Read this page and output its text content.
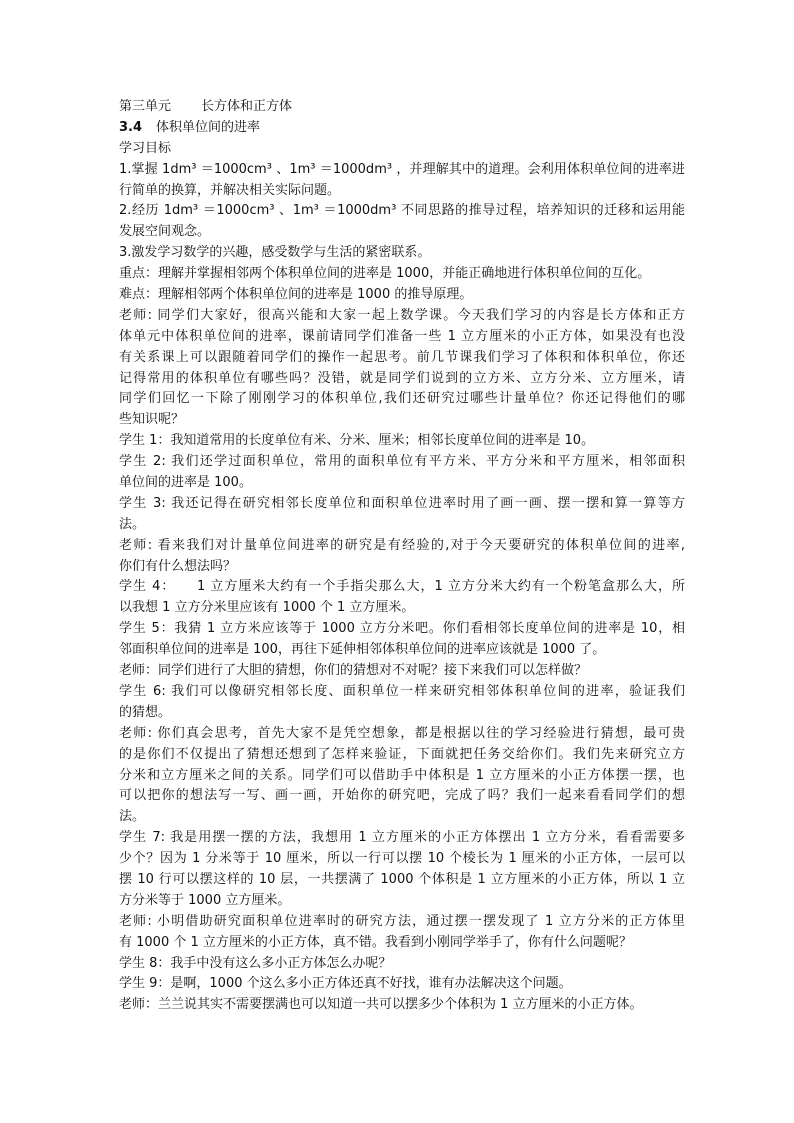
第三单元 长方体和正方体
3.4 体积单位间的进率
学习目标
1.掌握 1dm³ ＝1000cm³ 、1m³ ＝1000dm³ ，并理解其中的道理。会利用体积单位间的进率进
行简单的换算，并解决相关实际问题。
2.经历 1dm³ ＝1000cm³ 、1m³ ＝1000dm³ 不同思路的推导过程，培养知识的迁移和运用能
发展空间观念。
3.激发学习数学的兴趣，感受数学与生活的紧密联系。
重点：理解并掌握相邻两个体积单位间的进率是 1000，并能正确地进行体积单位间的互化。
难点：理解相邻两个体积单位间的进率是 1000 的推导原理。
老师: 同学们大家好，很高兴能和大家一起上数学课。今天我们学习的内容是长方体和正方
体单元中体积单位间的进率，课前请同学们准备一些 1 立方厘米的小正方体，如果没有也没
有关系课上可以跟随着同学们的操作一起思考。前几节课我们学习了体积和体积单位，你还
记得常用的体积单位有哪些吗？没错，就是同学们说到的立方米、立方分米、立方厘米，请
同学们回忆一下除了刚刚学习的体积单位,我们还研究过哪些计量单位？你还记得他们的哪
些知识呢？
学生 1：我知道常用的长度单位有米、分米、厘米；相邻长度单位间的进率是 10。
学生 2: 我们还学过面积单位，常用的面积单位有平方米、平方分米和平方厘米，相邻面积
单位间的进率是 100。
学生 3: 我还记得在研究相邻长度单位和面积单位进率时用了画一画、摆一摆和算一算等方
法。
老师: 看来我们对计量单位间进率的研究是有经验的,对于今天要研究的体积单位间的进率,
你们有什么想法吗？
学生 4：　　1 立方厘米大约有一个手指尖那么大，1 立方分米大约有一个粉笔盒那么大，所
以我想 1 立方分米里应该有 1000 个 1 立方厘米。
学生 5：我猜 1 立方米应该等于 1000 立方分米吧。你们看相邻长度单位间的进率是 10，相
邻面积单位间的进率是 100，再往下延伸相邻体积单位间的进率应该就是 1000 了。
老师：同学们进行了大胆的猜想，你们的猜想对不对呢？接下来我们可以怎样做？
学生 6: 我们可以像研究相邻长度、面积单位一样来研究相邻体积单位间的进率，验证我们
的猜想。
老师: 你们真会思考，首先大家不是凭空想象，都是根据以往的学习经验进行猜想，最可贵
的是你们不仅提出了猜想还想到了怎样来验证，下面就把任务交给你们。我们先来研究立方
分米和立方厘米之间的关系。同学们可以借助手中体积是 1 立方厘米的小正方体摆一摆，也
可以把你的想法写一写、画一画，开始你的研究吧，完成了吗？我们一起来看看同学们的想
法。
学生 7: 我是用摆一摆的方法，我想用 1 立方厘米的小正方体摆出 1 立方分米，看看需要多
少个？因为 1 分米等于 10 厘米，所以一行可以摆 10 个棱长为 1 厘米的小正方体，一层可以
摆 10 行可以摆这样的 10 层，一共摆满了 1000 个体积是 1 立方厘米的小正方体，所以 1 立
方分米等于 1000 立方厘米。
老师: 小明借助研究面积单位进率时的研究方法，通过摆一摆发现了 1 立方分米的正方体里
有 1000 个 1 立方厘米的小正方体，真不错。我看到小刚同学举手了，你有什么问题呢？
学生 8：我手中没有这么多小正方体怎么办呢？
学生 9：是啊，1000 个这么多小正方体还真不好找，谁有办法解决这个问题。
老师：兰兰说其实不需要摆满也可以知道一共可以摆多少个体积为 1 立方厘米的小正方体。
